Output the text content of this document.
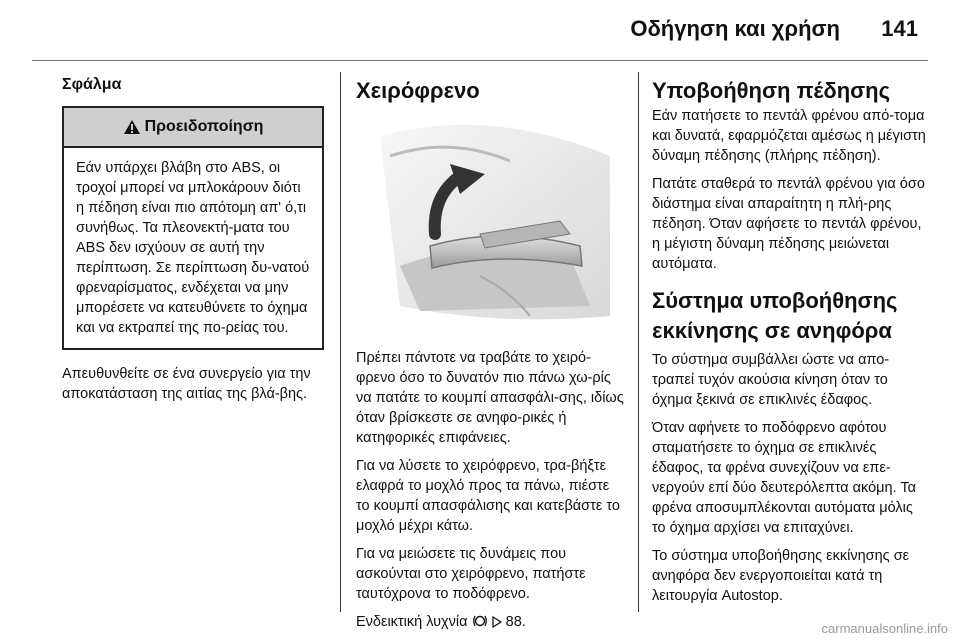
Οδήγηση και χρήση 141
Σφάλμα
Προειδοποίηση
Εάν υπάρχει βλάβη στο ABS, οι τροχοί μπορεί να μπλοκάρουν διότι η πέδηση είναι πιο απότομη απ' ό,τι συνήθως. Τα πλεονεκτή-ματα του ABS δεν ισχύουν σε αυτή την περίπτωση. Σε περίπτωση δυ-νατού φρεναρίσματος, ενδέχεται να μην μπορέσετε να κατευθύνετε το όχημα και να εκτραπεί της πο-ρείας του.

Απευθυνθείτε σε ένα συνεργείο για την αποκατάσταση της αιτίας της βλά-βης.

Χειρόφρενο

Πρέπει πάντοτε να τραβάτε το χειρό-φρενο όσο το δυνατόν πιο πάνω χω-ρίς να πατάτε το κουμπί απασφάλι-σης, ιδίως όταν βρίσκεστε σε ανηφο-ρικές ή κατηφορικές επιφάνειες.

Για να λύσετε το χειρόφρενο, τρα-βήξτε ελαφρά το μοχλό προς τα πάνω, πιέστε το κουμπί απασφάλισης και κατεβάστε το μοχλό μέχρι κάτω.

Για να μειώσετε τις δυνάμεις που ασκούνται στο χειρόφρενο, πατήστε ταυτόχρονα το ποδόφρενο.

Ενδεικτική λυχνία	88.

Υποβοήθηση πέδησης

Εάν πατήσετε το πεντάλ φρένου από-τομα και δυνατά, εφαρμόζεται αμέσως η μέγιστη δύναμη πέδησης (πλήρης πέδηση).

Πατάτε σταθερά το πεντάλ φρένου για όσο διάστημα είναι απαραίτητη η πλή-ρης πέδηση. Όταν αφήσετε το πεντάλ φρένου, η μέγιστη δύναμη πέδησης μειώνεται αυτόματα.

Σύστημα υποβοήθησης
εκκίνησης σε ανηφόρα

Το σύστημα συμβάλλει ώστε να απο-τραπεί τυχόν ακούσια κίνηση όταν το όχημα ξεκινά σε επικλινές έδαφος.

Όταν αφήνετε το ποδόφρενο αφότου σταματήσετε το όχημα σε επικλινές έδαφος, τα φρένα συνεχίζουν να επε-νεργούν επί δύο δευτερόλεπτα ακόμη. Τα φρένα αποσυμπλέκονται αυτόματα μόλις το όχημα αρχίσει να επιταχύνει.

Το σύστημα υποβοήθησης εκκίνησης σε ανηφόρα δεν ενεργοποιείται κατά τη λειτουργία Autostop.

carmanualsonline.info
